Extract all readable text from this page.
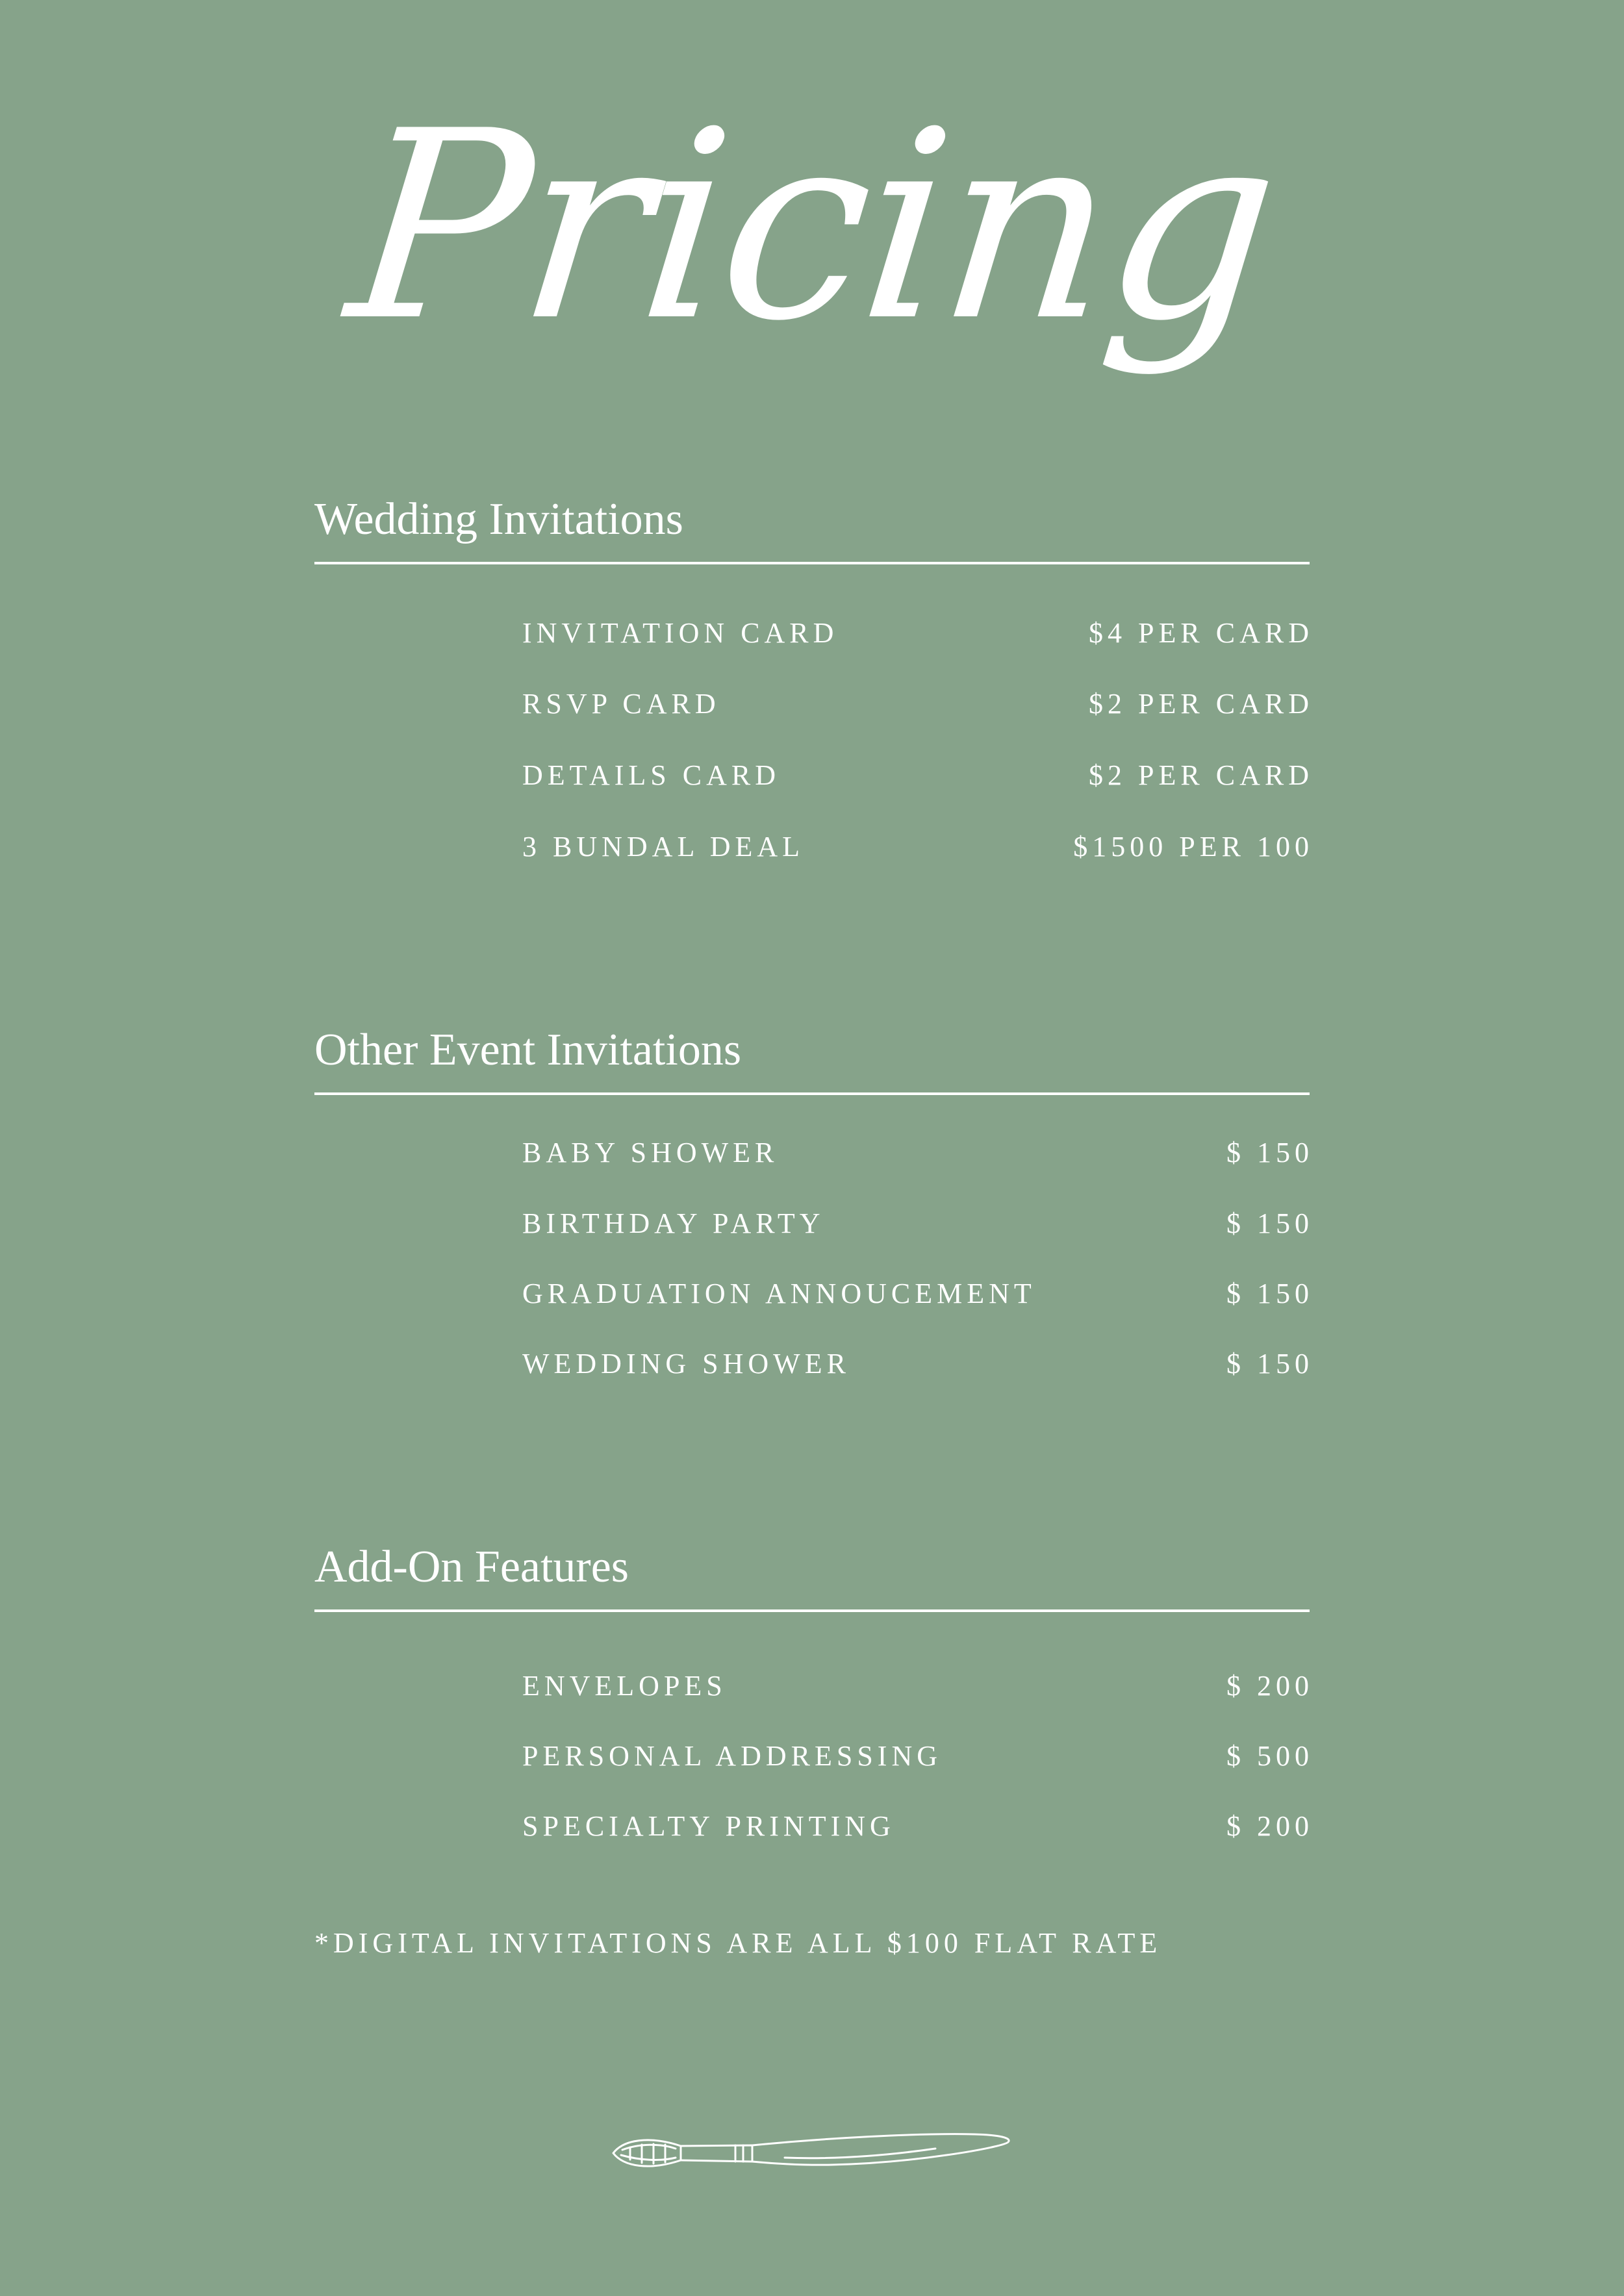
Pricing
Wedding Invitations
INVITATION CARD	$4 PER CARD
RSVP CARD	$2 PER CARD
DETAILS CARD	$2 PER CARD
3 BUNDAL DEAL	$1500 PER 100
Other Event Invitations
BABY SHOWER	$ 150
BIRTHDAY PARTY	$ 150
GRADUATION ANNOUCEMENT	$ 150
WEDDING SHOWER	$ 150
Add-On Features
ENVELOPES	$ 200
PERSONAL ADDRESSING	$ 500
SPECIALTY PRINTING	$ 200
*DIGITAL INVITATIONS ARE ALL $100 FLAT RATE
